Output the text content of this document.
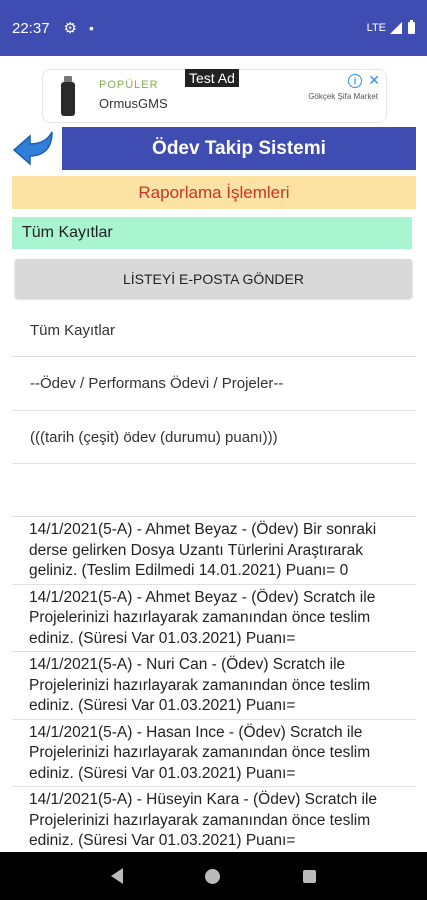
22:37 ⚙ •	LTE
POPÜLER
OrmusGMS
Test Ad	i ✕
Gökçek Şifa Market
Ödev Takip Sistemi
Raporlama İşlemleri
Tüm Kayıtlar
LİSTEYİ E-POSTA GÖNDER
Tüm Kayıtlar
--Ödev / Performans Ödevi / Projeler--
(((tarih (çeşit) ödev (durumu) puanı)))
14/1/2021(5-A) - Ahmet Beyaz - (Ödev) Bir sonraki derse gelirken Dosya Uzantı Türlerini Araştırarak geliniz. (Teslim Edilmedi 14.01.2021) Puanı= 0
14/1/2021(5-A) - Ahmet Beyaz - (Ödev) Scratch ile Projelerinizi hazırlayarak zamanından önce teslim ediniz. (Süresi Var 01.03.2021) Puanı=
14/1/2021(5-A) - Nuri Can - (Ödev) Scratch ile Projelerinizi hazırlayarak zamanından önce teslim ediniz. (Süresi Var 01.03.2021) Puanı=
14/1/2021(5-A) - Hasan Ince - (Ödev) Scratch ile Projelerinizi hazırlayarak zamanından önce teslim ediniz. (Süresi Var 01.03.2021) Puanı=
14/1/2021(5-A) - Hüseyin Kara - (Ödev) Scratch ile Projelerinizi hazırlayarak zamanından önce teslim ediniz. (Süresi Var 01.03.2021) Puanı=
